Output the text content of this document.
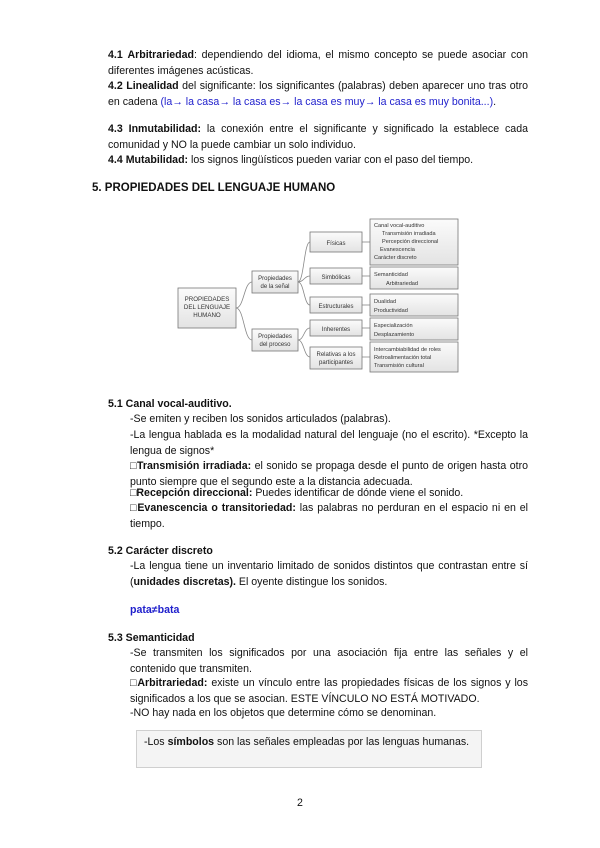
4.1 Arbitrariedad: dependiendo del idioma, el mismo concepto se puede asociar con diferentes imágenes acústicas.
4.2 Linealidad del significante: los significantes (palabras) deben aparecer uno tras otro en cadena (la→ la casa→ la casa es→ la casa es muy→ la casa es muy bonita...).
4.3 Inmutabilidad: la conexión entre el significante y significado la establece cada comunidad y NO la puede cambiar un solo individuo.
4.4 Mutabilidad: los signos lingüísticos pueden variar con el paso del tiempo.
5. PROPIEDADES DEL LENGUAJE HUMANO
PROPIEDADES
DEL LENGUAJE
HUMANO
Propiedades
de la señal
Propiedades
del proceso
Físicas
Simbólicas
Estructurales
Inherentes
Relativas a los
participantes
Canal vocal-auditivo
Transmisión irradiada
Percepción direccional
Evanescencia
Carácter discreto
Semanticidad
Arbitrariedad
Dualidad
Productividad
Especialización
Desplazamiento
Intercambiabilidad de roles
Retroalimentación total
Transmisión cultural
5.1 Canal vocal-auditivo.
-Se emiten y reciben los sonidos articulados (palabras).
-La lengua hablada es la modalidad natural del lenguaje (no el escrito). *Excepto la lengua de signos*
□Transmisión irradiada: el sonido se propaga desde el punto de origen hasta otro punto siempre que el segundo este a la distancia adecuada.
□Recepción direccional: Puedes identificar de dónde viene el sonido.
□Evanescencia o transitoriedad: las palabras no perduran en el espacio ni en el tiempo.
5.2 Carácter discreto
-La lengua tiene un inventario limitado de sonidos distintos que contrastan entre sí (unidades discretas). El oyente distingue los sonidos.
pata≠bata
5.3 Semanticidad
-Se transmiten los significados por una asociación fija entre las señales y el contenido que transmiten.
□Arbitrariedad: existe un vínculo entre las propiedades físicas de los signos y los significados a los que se asocian. ESTE VÍNCULO NO ESTÁ MOTIVADO.
-NO hay nada en los objetos que determine cómo se denominan.
-Los símbolos son las señales empleadas por las lenguas humanas.
2
